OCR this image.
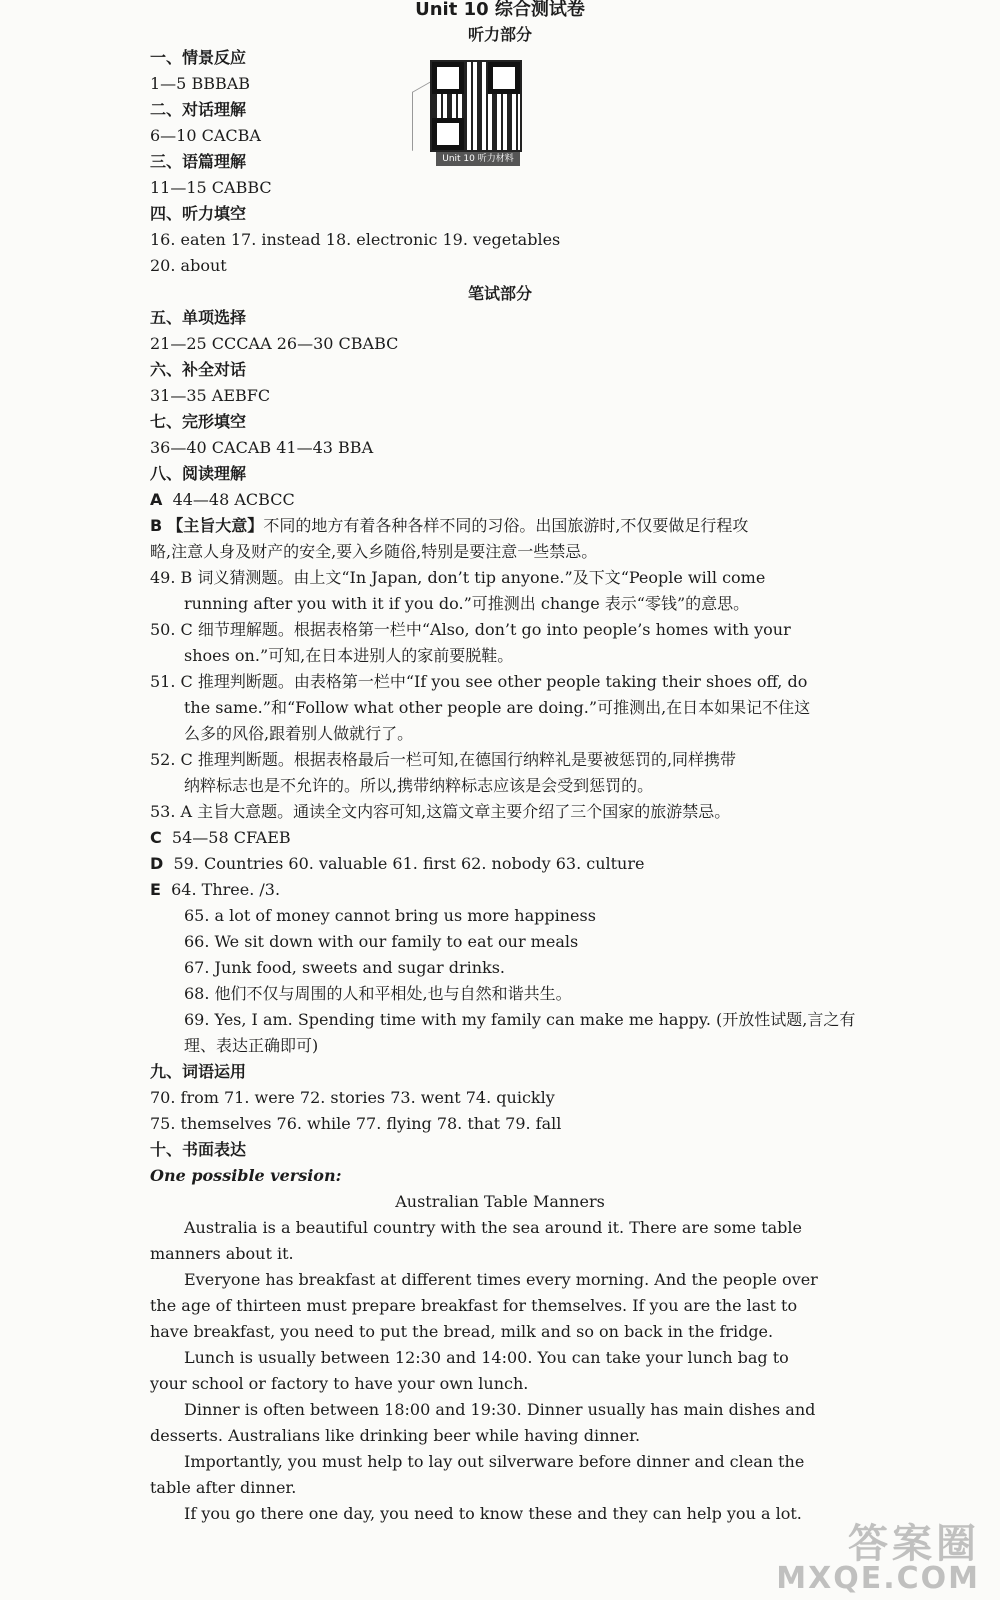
Unit 10 综合测试卷
听力部分
Unit 10 听力材料
一、情景反应
1—5 BBBAB
二、对话理解
6—10 CACBA
三、语篇理解
11—15 CABBC
四、听力填空
16. eaten 17. instead 18. electronic 19. vegetables
20. about
笔试部分
五、单项选择
21—25 CCCAA 26—30 CBABC
六、补全对话
31—35 AEBFC
七、完形填空
36—40 CACAB 41—43 BBA
八、阅读理解
A 44—48 ACBCC
B 【主旨大意】不同的地方有着各种各样不同的习俗。出国旅游时,不仅要做足行程攻
略,注意人身及财产的安全,要入乡随俗,特别是要注意一些禁忌。
49. B 词义猜测题。由上文“In Japan, don’t tip anyone.”及下文“People will come
running after you with it if you do.”可推测出 change 表示“零钱”的意思。
50. C 细节理解题。根据表格第一栏中“Also, don’t go into people’s homes with your
shoes on.”可知,在日本进别人的家前要脱鞋。
51. C 推理判断题。由表格第一栏中“If you see other people taking their shoes off, do
the same.”和“Follow what other people are doing.”可推测出,在日本如果记不住这
么多的风俗,跟着别人做就行了。
52. C 推理判断题。根据表格最后一栏可知,在德国行纳粹礼是要被惩罚的,同样携带
纳粹标志也是不允许的。所以,携带纳粹标志应该是会受到惩罚的。
53. A 主旨大意题。通读全文内容可知,这篇文章主要介绍了三个国家的旅游禁忌。
C 54—58 CFAEB
D 59. Countries 60. valuable 61. first 62. nobody 63. culture
E 64. Three. /3.
65. a lot of money cannot bring us more happiness
66. We sit down with our family to eat our meals
67. Junk food, sweets and sugar drinks.
68. 他们不仅与周围的人和平相处,也与自然和谐共生。
69. Yes, I am. Spending time with my family can make me happy. (开放性试题,言之有
理、表达正确即可)
九、词语运用
70. from 71. were 72. stories 73. went 74. quickly
75. themselves 76. while 77. flying 78. that 79. fall
十、书面表达
One possible version:
Australian Table Manners
Australia is a beautiful country with the sea around it. There are some table manners about it.
Everyone has breakfast at different times every morning. And the people over the age of thirteen must prepare breakfast for themselves. If you are the last to have breakfast, you need to put the bread, milk and so on back in the fridge.
Lunch is usually between 12:30 and 14:00. You can take your lunch bag to your school or factory to have your own lunch.
Dinner is often between 18:00 and 19:30. Dinner usually has main dishes and desserts. Australians like drinking beer while having dinner.
Importantly, you must help to lay out silverware before dinner and clean the table after dinner.
If you go there one day, you need to know these and they can help you a lot.
答案圈
MXQE.COM
